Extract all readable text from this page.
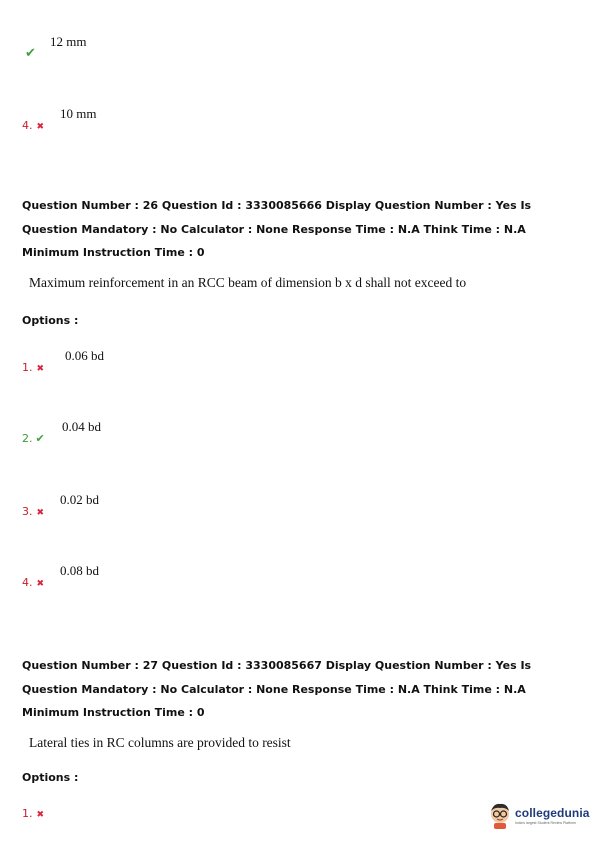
✔
12 mm
4. ✖
10 mm
Question Number : 26 Question Id : 3330085666 Display Question Number : Yes Is Question Mandatory : No Calculator : None Response Time : N.A Think Time : N.A Minimum Instruction Time : 0
Maximum reinforcement in an RCC beam of dimension b x d shall not exceed to
Options :
1. ✖
0.06 bd
2. ✔
0.04 bd
3. ✖
0.02 bd
4. ✖
0.08 bd
Question Number : 27 Question Id : 3330085667 Display Question Number : Yes Is Question Mandatory : No Calculator : None Response Time : N.A Think Time : N.A Minimum Instruction Time : 0
Lateral ties in RC columns are provided to resist
Options :
1. ✖	collegedunia
India's largest Student Review Platform
